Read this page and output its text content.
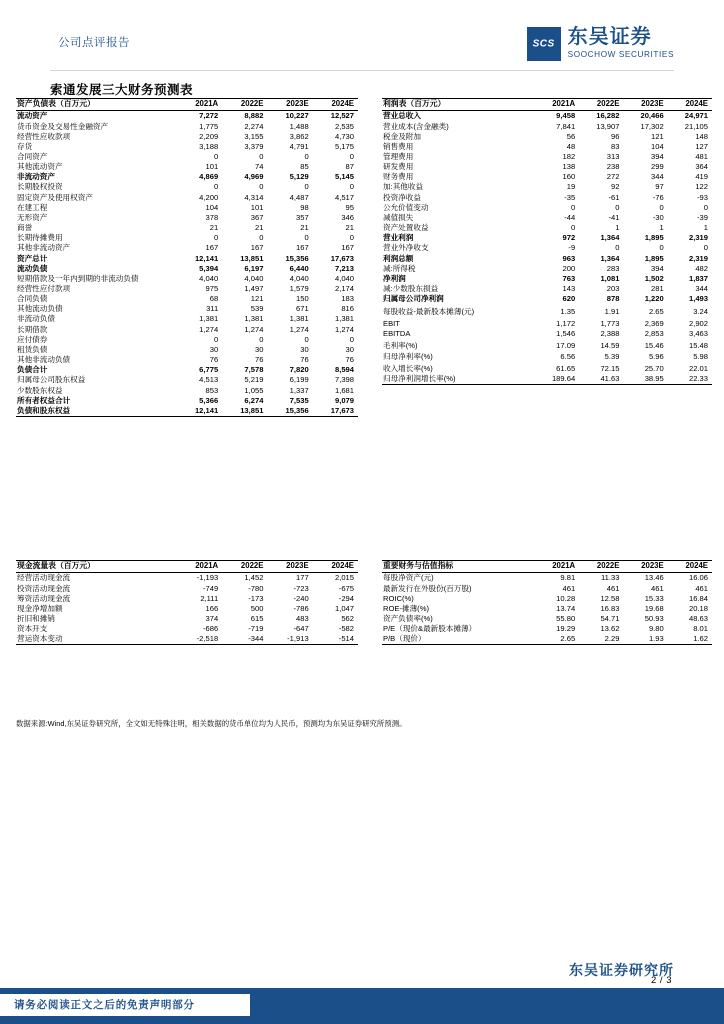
公司点评报告	SCS 东吴证券
SOOCHOW SECURITIES
索通发展三大财务预测表
资产负债表（百万元）	2021A	2022E	2023E	2024E

流动资产	7,272	8,882	10,227	12,527
货币资金及交易性金融资产	1,775	2,274	1,488	2,535
经营性应收款项	2,209	3,155	3,862	4,730
存货	3,188	3,379	4,791	5,175
合同资产	0	0	0	0
其他流动资产	101	74	85	87
非流动资产	4,869	4,969	5,129	5,145
长期股权投资	0	0	0	0
固定资产及使用权资产	4,200	4,314	4,487	4,517
在建工程	104	101	98	95
无形资产	378	367	357	346
商誉	21	21	21	21
长期待摊费用	0	0	0	0
其他非流动资产	167	167	167	167
资产总计	12,141	13,851	15,356	17,673
流动负债	5,394	6,197	6,440	7,213
短期借款及一年内到期的非流动负债	4,040	4,040	4,040	4,040
经营性应付款项	975	1,497	1,579	2,174
合同负债	68	121	150	183
其他流动负债	311	539	671	816
非流动负债	1,381	1,381	1,381	1,381
长期借款	1,274	1,274	1,274	1,274
应付债券	0	0	0	0
租赁负债	30	30	30	30
其他非流动负债	76	76	76	76
负债合计	6,775	7,578	7,820	8,594
归属母公司股东权益	4,513	5,219	6,199	7,398
少数股东权益	853	1,055	1,337	1,681
所有者权益合计	5,366	6,274	7,535	9,079
负债和股东权益	12,141	13,851	15,356	17,673
利润表（百万元）	2021A	2022E	2023E	2024E

营业总收入	9,458	16,282	20,466	24,971
营业成本(含金融类)	7,841	13,907	17,302	21,105
税金及附加	56	96	121	148
销售费用	48	83	104	127
管理费用	182	313	394	481
研发费用	138	238	299	364
财务费用	160	272	344	419
加:其他收益	19	92	97	122
投资净收益	-35	-61	-76	-93
公允价值变动	0	0	0	0
减值损失	-44	-41	-30	-39
资产处置收益	0	1	1	1
营业利润	972	1,364	1,895	2,319
营业外净收支	-9	0	0	0
利润总额	963	1,364	1,895	2,319
减:所得税	200	283	394	482
净利润	763	1,081	1,502	1,837
减:少数股东损益	143	203	281	344
归属母公司净利润	620	878	1,220	1,493

每股收益-最新股本摊薄(元)	1.35	1.91	2.65	3.24

EBIT	1,172	1,773	2,369	2,902
EBITDA	1,546	2,388	2,853	3,463

毛利率(%)	17.09	14.59	15.46	15.48
归母净利率(%)	6.56	5.39	5.96	5.98

收入增长率(%)	61.65	72.15	25.70	22.01
归母净利润增长率(%)	189.64	41.63	38.95	22.33
现金流量表（百万元）	2021A	2022E	2023E	2024E

经营活动现金流	-1,193	1,452	177	2,015
投资活动现金流	-749	-780	-723	-675
筹资活动现金流	2,111	-173	-240	-294
现金净增加额	166	500	-786	1,047
折旧和摊销	374	615	483	562
资本开支	-686	-719	-647	-582
营运资本变动	-2,518	-344	-1,913	-514
重要财务与估值指标	2021A	2022E	2023E	2024E

每股净资产(元)	9.81	11.33	13.46	16.06
最新发行在外股份(百万股)	461	461	461	461
ROIC(%)	10.28	12.58	15.33	16.84
ROE-摊薄(%)	13.74	16.83	19.68	20.18
资产负债率(%)	55.80	54.71	50.93	48.63
P/E（现价&最新股本摊薄）	19.29	13.62	9.80	8.01
P/B（现价）	2.65	2.29	1.93	1.62
数据来源:Wind,东吴证券研究所，全文如无特殊注明，相关数据的货币单位均为人民币，预测均为东吴证券研究所预测。
2 / 3
东吴证券研究所
请务必阅读正文之后的免责声明部分
